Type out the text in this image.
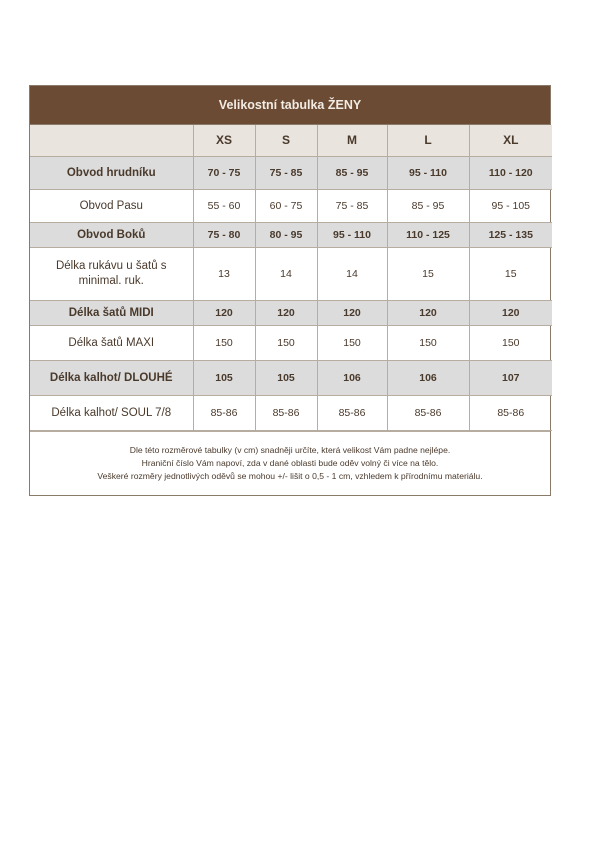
Velikostní tabulka ŽENY
	XS	S	M	L	XL
Obvod hrudníku	70 - 75	75 - 85	85 - 95	95 - 110	110 - 120
Obvod Pasu	55 - 60	60 - 75	75 - 85	85 - 95	95 - 105
Obvod Boků	75 - 80	80 - 95	95 - 110	110 - 125	125 - 135
Délka rukávu u šatů s minimal. ruk.	13	14	14	15	15
Délka šatů MIDI	120	120	120	120	120
Délka šatů MAXI	150	150	150	150	150
Délka kalhot/ DLOUHÉ	105	105	106	106	107
Délka kalhot/ SOUL 7/8	85-86	85-86	85-86	85-86	85-86
Dle této rozměrové tabulky (v cm) snadněji určíte, která velikost Vám padne nejlépe.
Hraniční číslo Vám napoví, zda v dané oblasti bude oděv volný či více na tělo.
Veškeré rozměry jednotlivých oděvů se mohou +/- lišit o 0,5 - 1 cm, vzhledem k přírodnímu materiálu.
